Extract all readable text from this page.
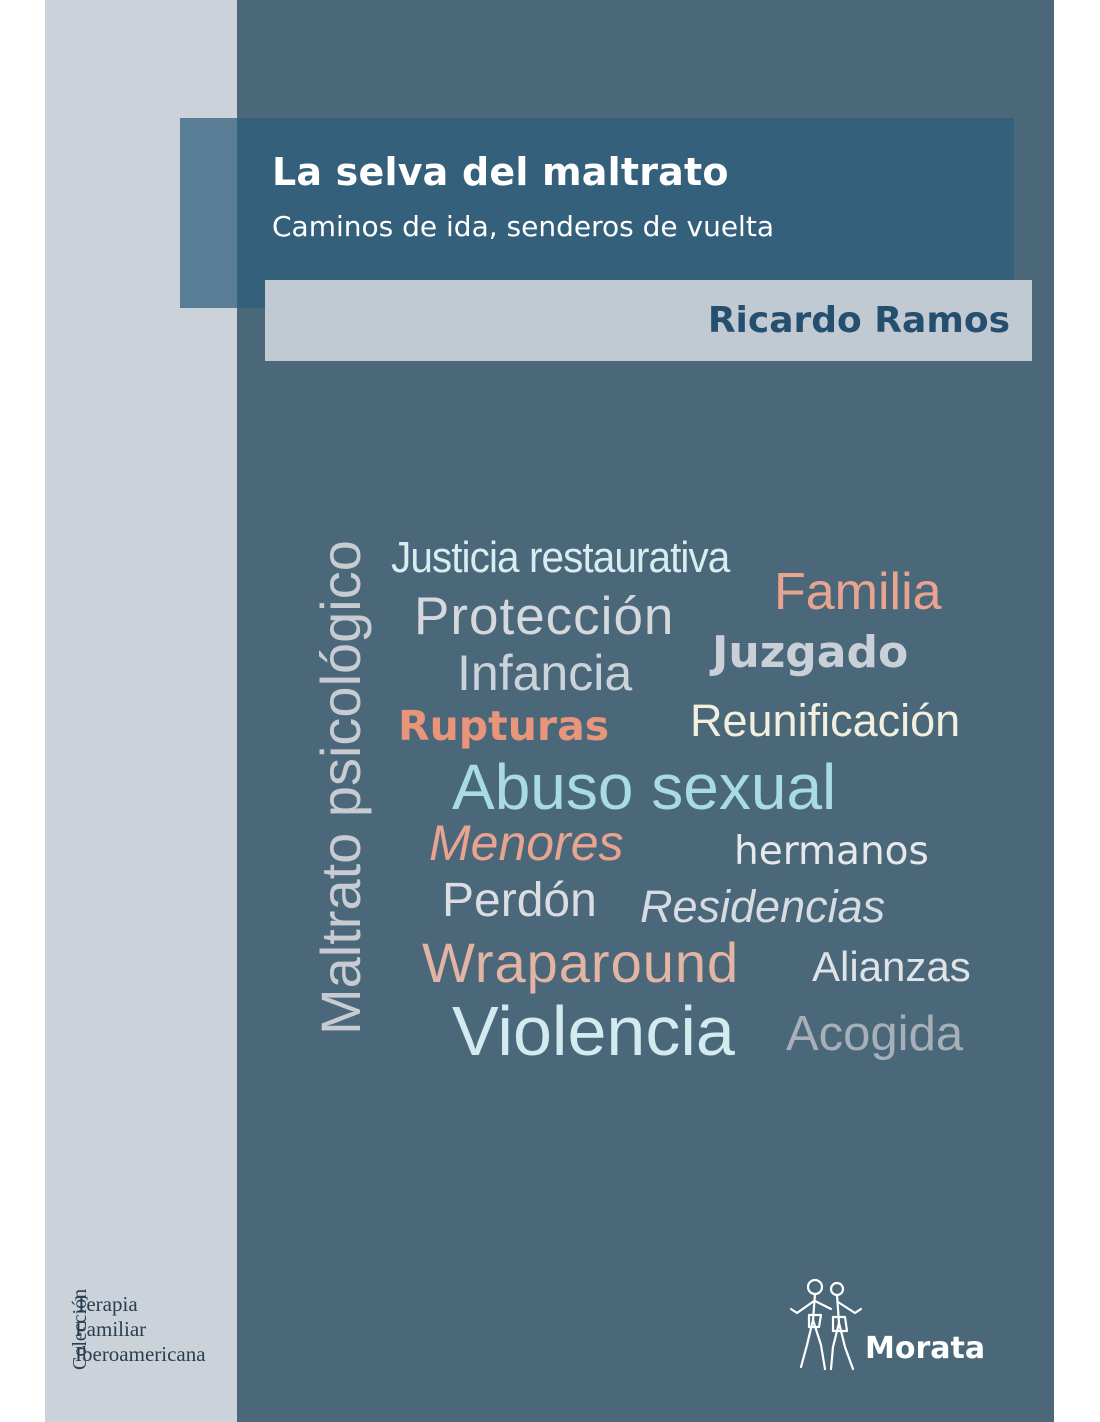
La selva del maltrato
Caminos de ida, senderos de vuelta
Ricardo Ramos
Maltrato psicológico Justicia restaurativa
Familia
Protección
Juzgado
Infancia
Rupturas Reunificación
Abuso sexual
Menores	hermanos
Perdón Residencias
Wraparound Alianzas
Violencia Acogida
Colección
Terapia
Familiar
Iberoamericana	Morata
